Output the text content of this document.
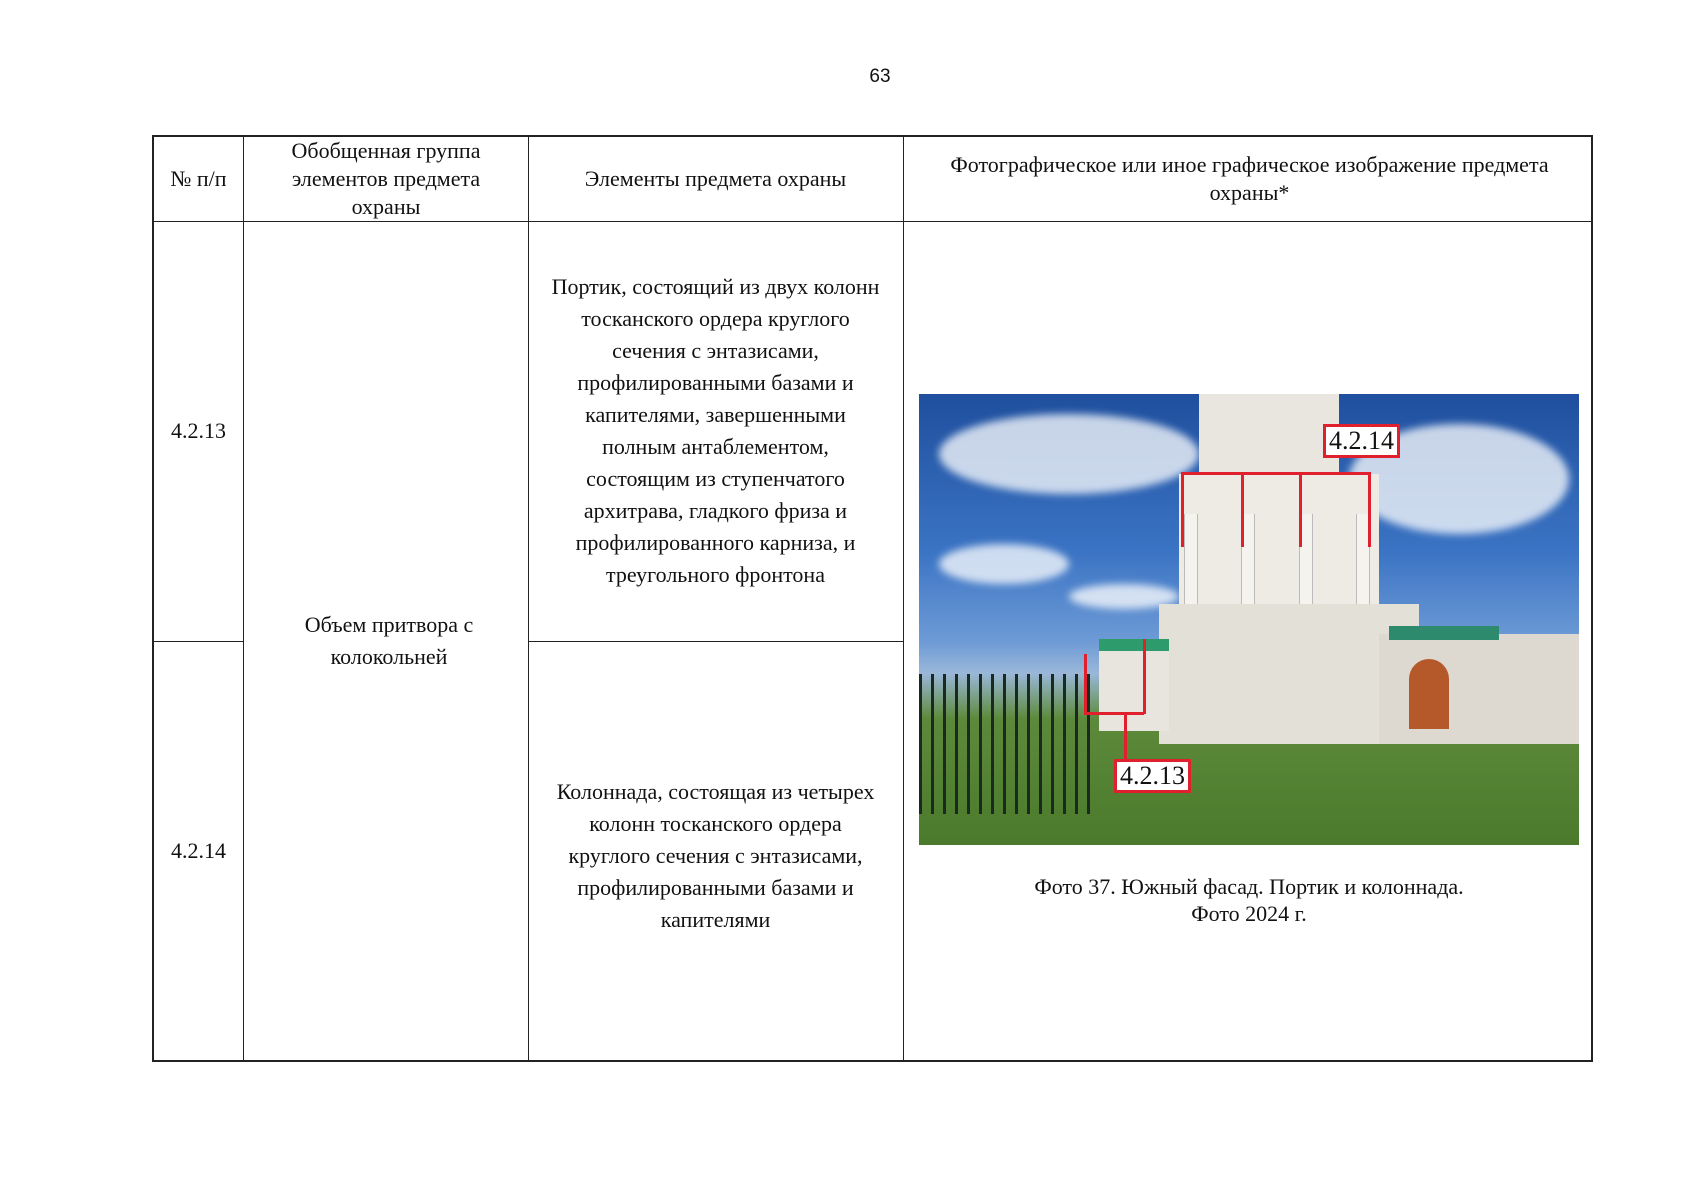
63
№ п/п
Обобщенная группа элементов предмета охраны
Элементы предмета охраны
Фотографическое или иное графическое изображение предмета охраны*
4.2.13
4.2.14
Объем притвора с колокольней
Портик, состоящий из двух колонн тосканского ордера круглого сечения с энтазисами, профилированными базами и капителями, завершенными полным антаблементом, состоящим из ступенчатого архитрава, гладкого фриза и профилированного карниза, и треугольного фронтона
Колоннада, состоящая из четырех колонн тосканского ордера круглого сечения с энтазисами, профилированными базами и капителями
4.2.14
4.2.13
Фото 37. Южный фасад. Портик и колоннада.
Фото 2024 г.
